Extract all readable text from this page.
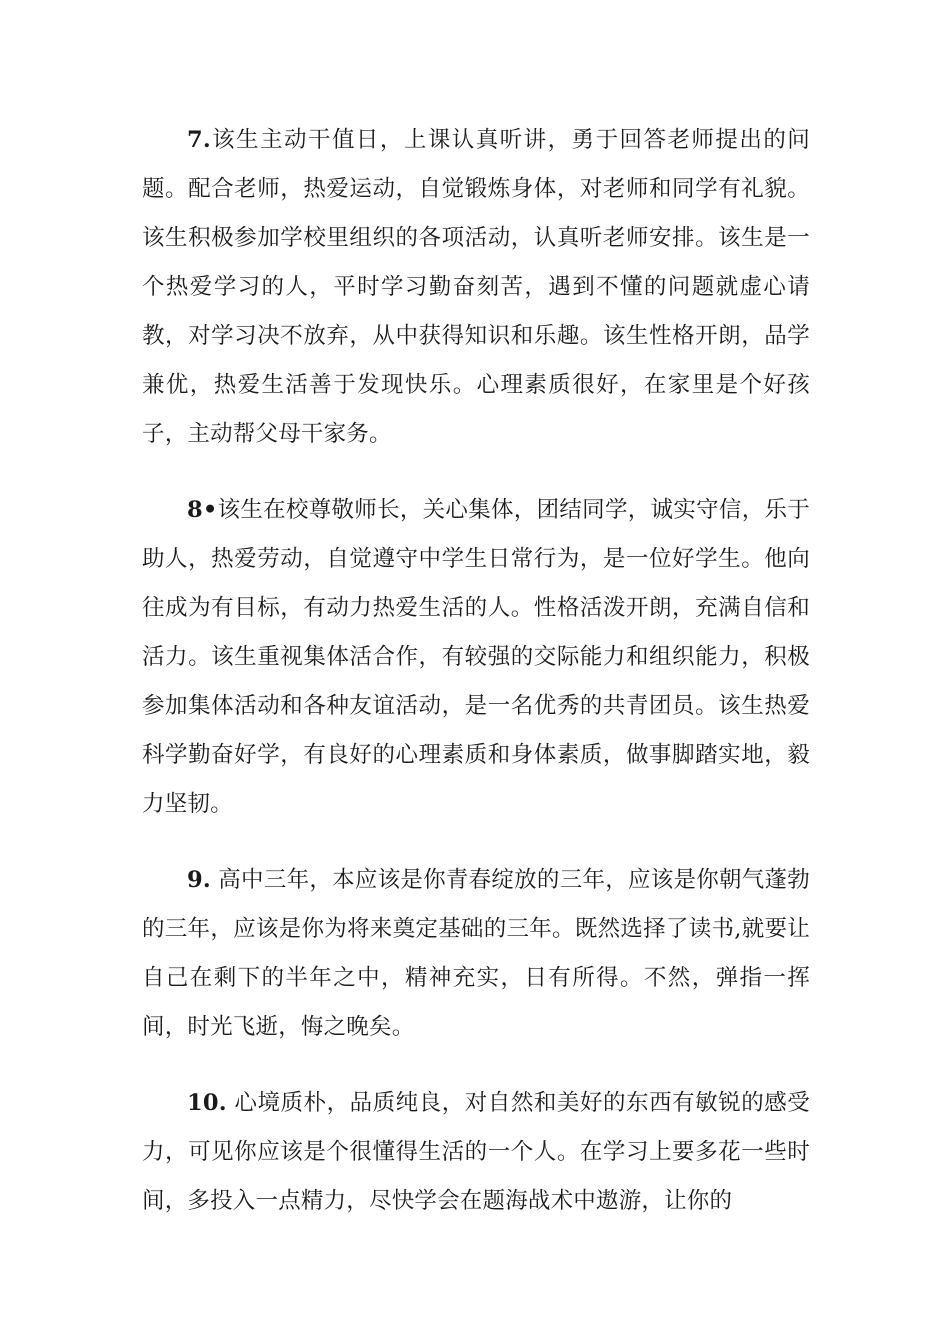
7.该生主动干值日，上课认真听讲，勇于回答老师提出的问题。配合老师，热爱运动，自觉锻炼身体，对老师和同学有礼貌。该生积极参加学校里组织的各项活动，认真听老师安排。该生是一个热爱学习的人，平时学习勤奋刻苦，遇到不懂的问题就虚心请教，对学习决不放弃，从中获得知识和乐趣。该生性格开朗，品学兼优，热爱生活善于发现快乐。心理素质很好，在家里是个好孩子，主动帮父母干家务。

8•该生在校尊敬师长，关心集体，团结同学，诚实守信，乐于助人，热爱劳动，自觉遵守中学生日常行为，是一位好学生。他向往成为有目标，有动力热爱生活的人。性格活泼开朗，充满自信和活力。该生重视集体活合作，有较强的交际能力和组织能力，积极参加集体活动和各种友谊活动，是一名优秀的共青团员。该生热爱科学勤奋好学，有良好的心理素质和身体素质，做事脚踏实地，毅力坚韧。

9. 高中三年，本应该是你青春绽放的三年，应该是你朝气蓬勃的三年，应该是你为将来奠定基础的三年。既然选择了读书,就要让自己在剩下的半年之中，精神充实，日有所得。不然，弹指一挥间，时光飞逝，悔之晚矣。

10. 心境质朴，品质纯良，对自然和美好的东西有敏锐的感受力，可见你应该是个很懂得生活的一个人。在学习上要多花一些时间，多投入一点精力，尽快学会在题海战术中遨游，让你的
